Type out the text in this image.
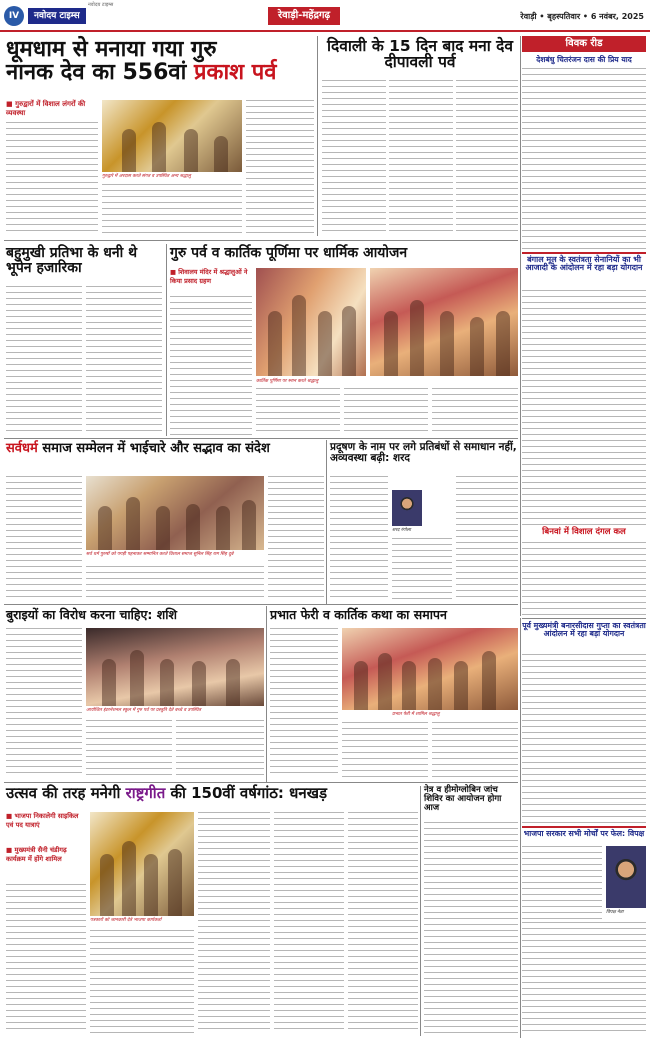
IV	नवोदय टाइम्स
नवोदय टाइम्स
रेवाड़ी-महेंद्रगढ़	रेवाड़ी • बृहस्पतिवार • 6 नवंबर, 2025
धूमधाम से मनाया गया गुरु
नानक देव का 556वां प्रकाश पर्व
■ गुरुद्वारों में विशाल लंगरों की व्यवस्था
गुरुद्वारे में अरदास करते संगत व उपस्थित अन्य श्रद्धालु
दिवाली के 15 दिन बाद मना देव दीपावली पर्व
विवक रीड
देशबंधु चितरंजन दास की प्रिय याद
बहुमुखी प्रतिभा के धनी थे भूपेन हजारिका
गुरु पर्व व कार्तिक पूर्णिमा पर धार्मिक आयोजन
■ शिवालय मंदिर में श्रद्धालुओं ने किया प्रसाद ग्रहण
कार्तिक पूर्णिमा पर स्नान करते श्रद्धालु
बंगाल मूल के स्वतंत्रता सेनानियों का भी आजादी के आंदोलन में रहा बड़ा योगदान
सर्वधर्म समाज सम्मेलन में भाईचारे और सद्भाव का संदेश
सर्व धर्म पुरुषों को पगड़ी पहनाकर सम्मानित करते विशाल समाज सुनिल सिंह राम सिंह दूबे
प्रदूषण के नाम पर लगे प्रतिबंधों से समाधान नहीं, अव्यवस्था बढ़ी: शरद
शरद रंगोला	बिनवां में विशाल दंगल कल
बुराइयों का विरोध करना चाहिए: शशि
आयोजित इंटरनेशनल स्कूल में गुरु पर्व पर प्रस्तुति देते बच्चे व उपस्थित
प्रभात फेरी व कार्तिक कथा का समापन
प्रभात फेरी में शामिल श्रद्धालु
पूर्व मुख्यमंत्री बनारसीदास गुप्ता का स्वतंत्रता आंदोलन में रहा बड़ा योगदान
उत्सव की तरह मनेगी राष्ट्रगीत की 150वीं वर्षगांठ: धनखड़
■ भाजपा निकालेगी साइकिल एवं पद यात्राएं
■ मुख्यमंत्री सैनी चंडीगढ़ कार्यक्रम में होंगे शामिल
पत्रकारों को जानकारी देते भाजपा कार्यकर्ता
नेत्र व हीमोग्लोबिन जांच शिविर का आयोजन होगा आज
भाजपा सरकार सभी मोर्चों पर फेल: विपक्ष
विपक्ष नेता
